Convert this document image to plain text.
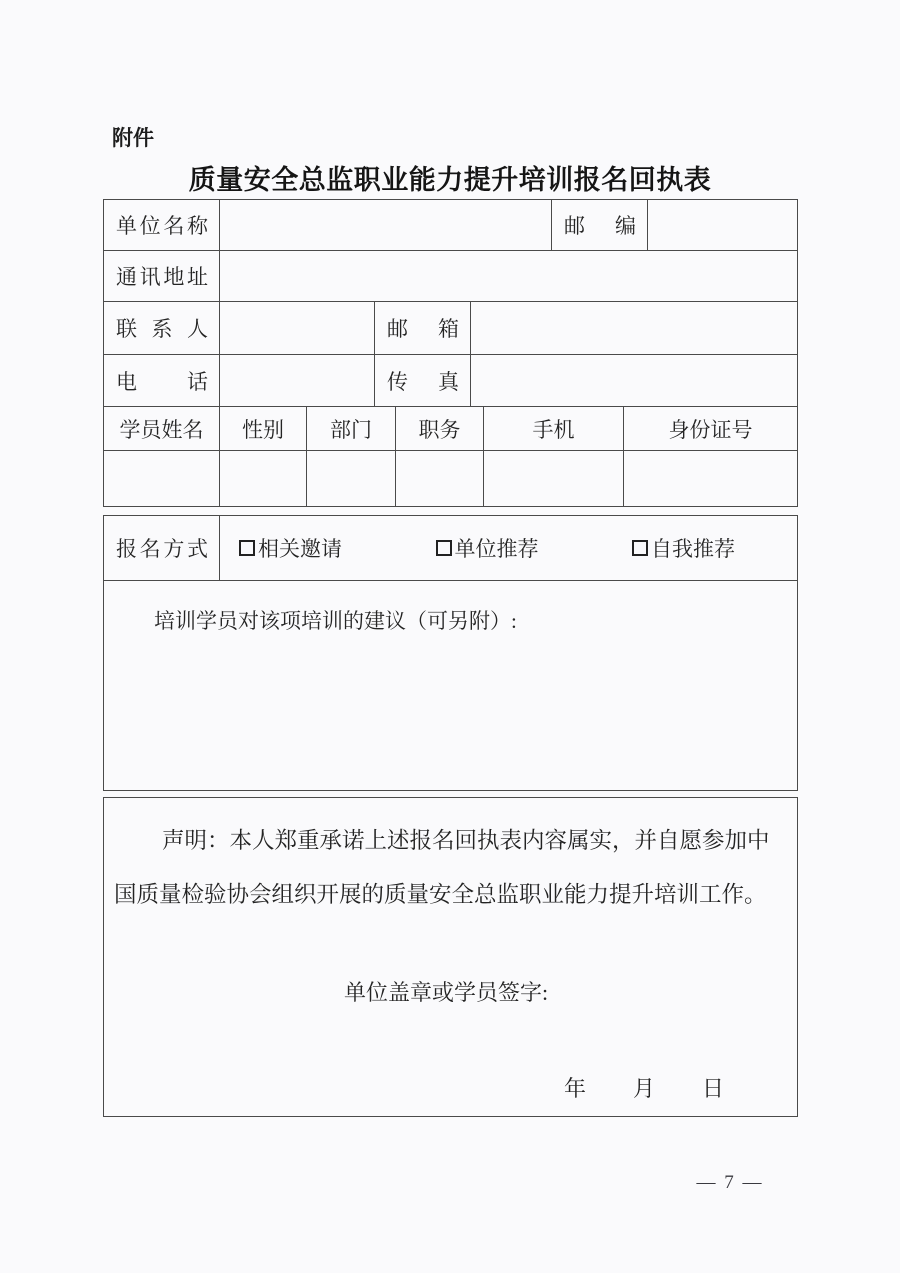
附件
质量安全总监职业能力提升培训报名回执表
单位名称	邮 编
通讯地址
联 系 人	邮 箱
电 话	传 真
学员姓名	性别	部门	职务	手机	身份证号
报名方式 相关邀请	单位推荐	自我推荐
培训学员对该项培训的建议（可另附）:

声明：本人郑重承诺上述报名回执表内容属实，并自愿参加中国质量检验协会组织开展的质量安全总监职业能力提升培训工作。

单位盖章或学员签字:
年　　月　　日
— 7 —
